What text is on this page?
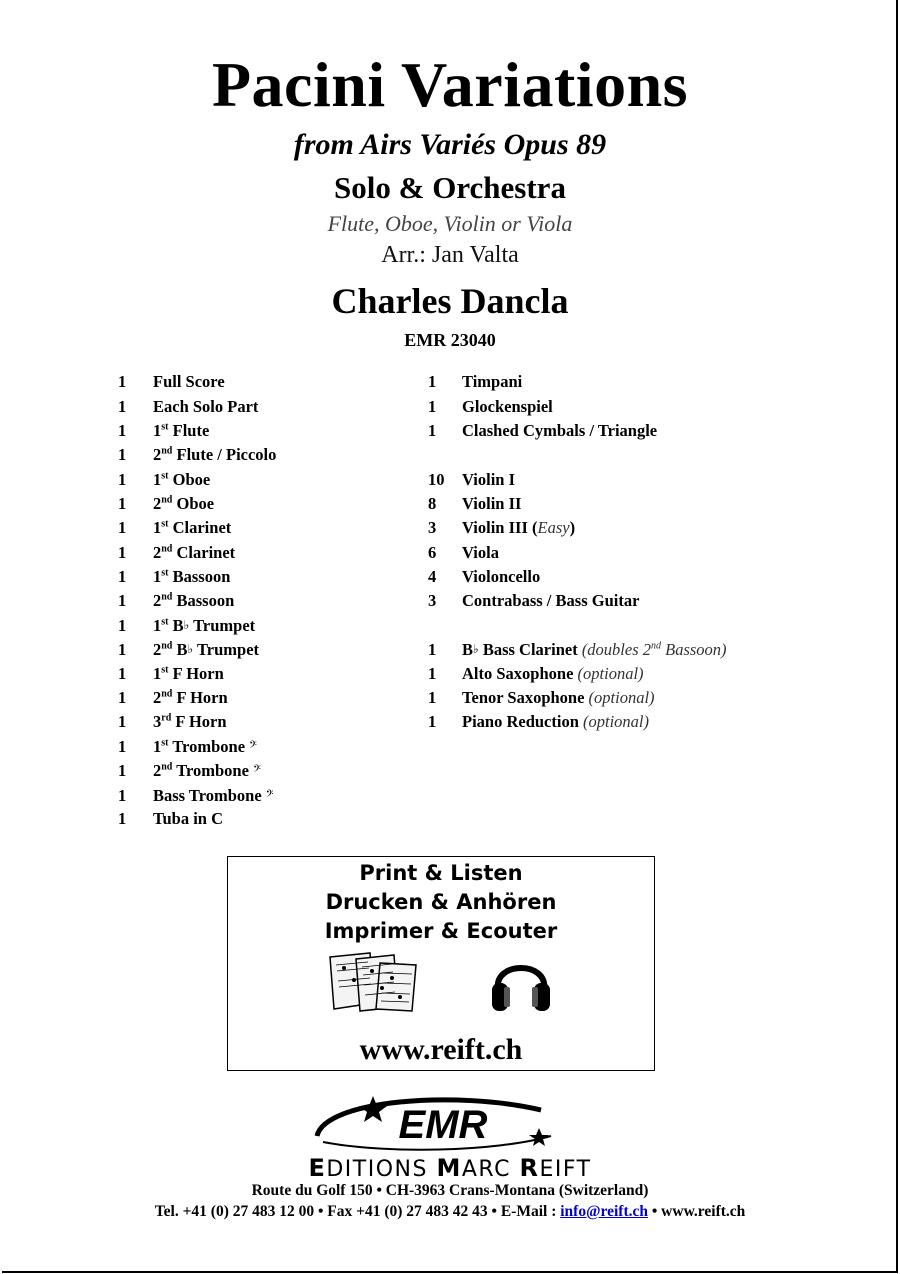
Pacini Variations
from Airs Variés Opus 89
Solo & Orchestra
Flute, Oboe, Violin or Viola
Arr.: Jan Valta
Charles Dancla
EMR 23040
1 Full Score
1 Each Solo Part
1 1st Flute
1 2nd Flute / Piccolo
1 1st Oboe
1 2nd Oboe
1 1st Clarinet
1 2nd Clarinet
1 1st Bassoon
1 2nd Bassoon
1 1st B♭ Trumpet
1 2nd B♭ Trumpet
1 1st F Horn
1 2nd F Horn
1 3rd F Horn
1 1st Trombone 𝄢
1 2nd Trombone 𝄢
1 Bass Trombone 𝄢
1 Tuba in C
1 Timpani
1 Glockenspiel
1 Clashed Cymbals / Triangle
10 Violin I
8 Violin II
3 Violin III (Easy)
6 Viola
4 Violoncello
3 Contrabass / Bass Guitar
1 B♭ Bass Clarinet (doubles 2nd Bassoon)
1 Alto Saxophone (optional)
1 Tenor Saxophone (optional)
1 Piano Reduction (optional)
Print & Listen
Drucken & Anhören
Imprimer & Ecouter
www.reift.ch
EMR
EDITIONS MARC REIFT
Route du Golf 150 • CH-3963 Crans-Montana (Switzerland)
Tel. +41 (0) 27 483 12 00 • Fax +41 (0) 27 483 42 43 • E-Mail : info@reift.ch • www.reift.ch
